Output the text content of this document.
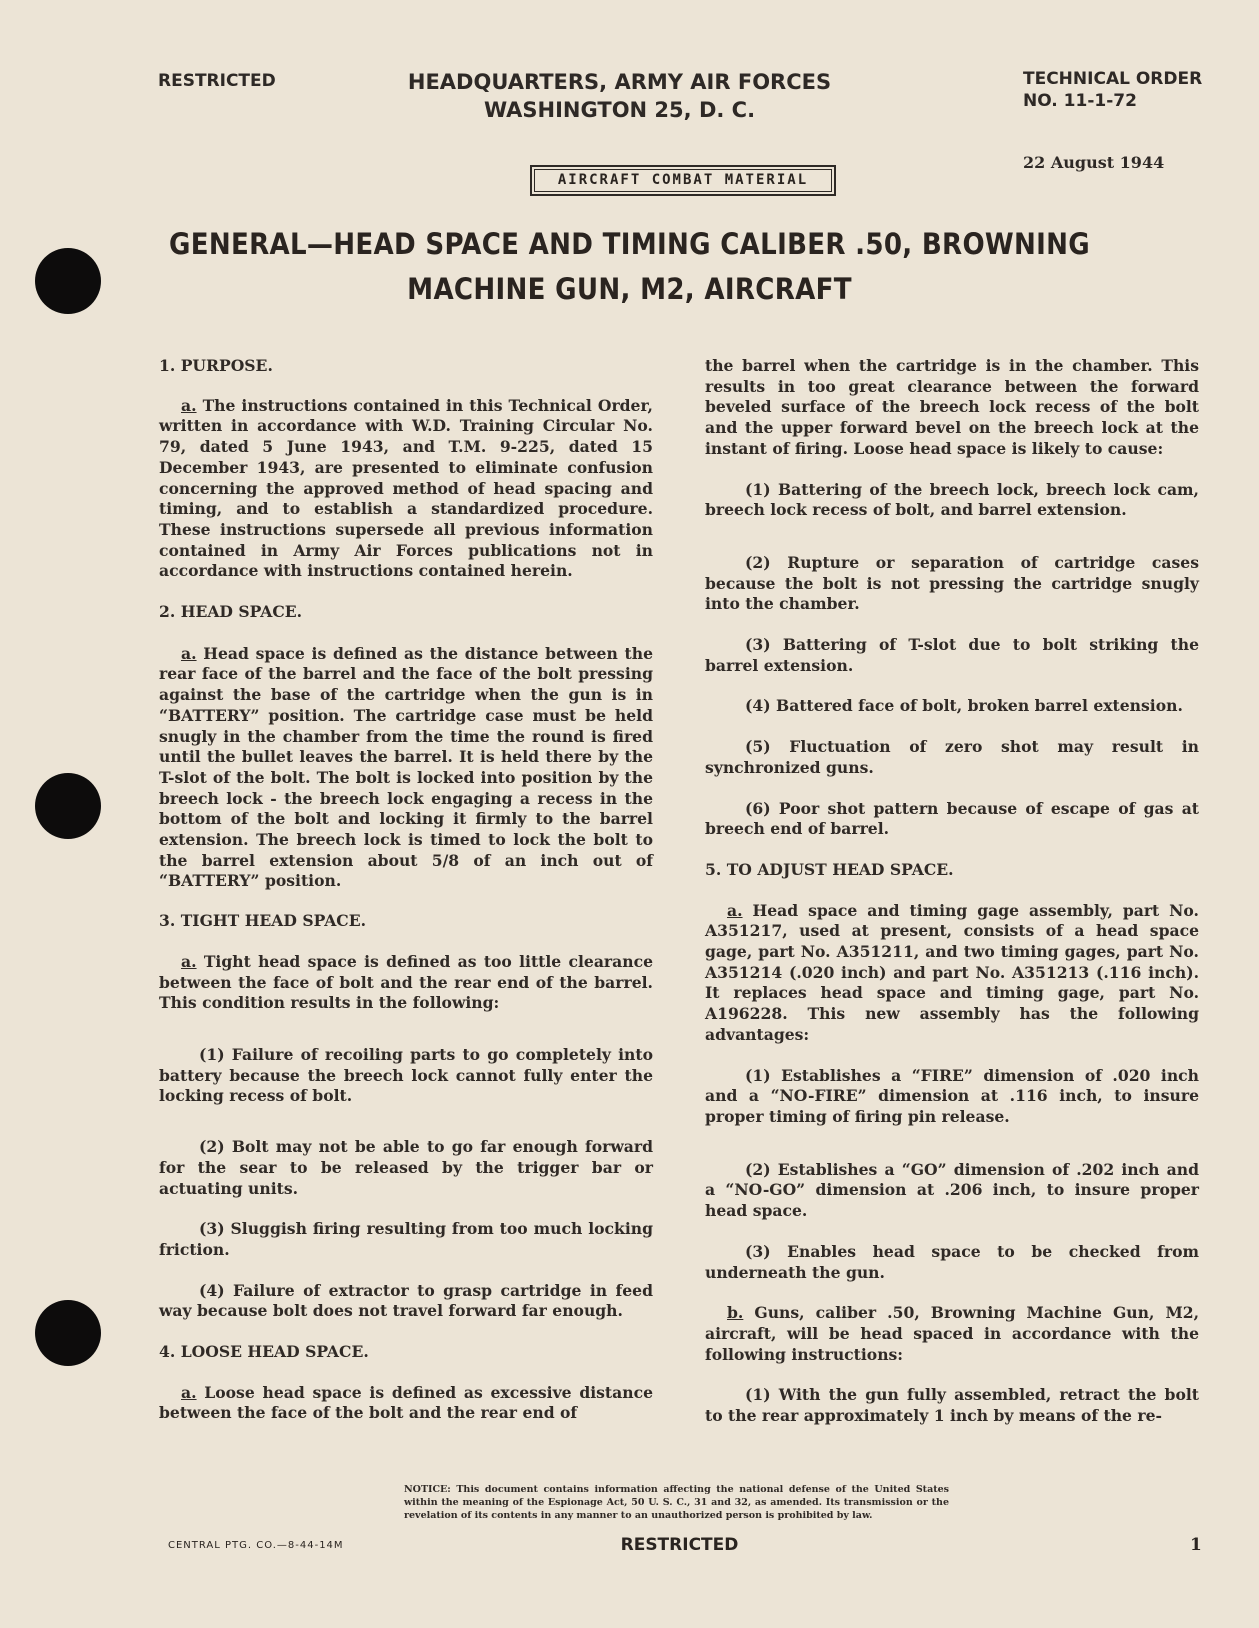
RESTRICTED	HEADQUARTERS, ARMY AIR FORCES
WASHINGTON 25, D. C.
TECHNICAL ORDER
NO. 11-1-72
22 August 1944
AIRCRAFT COMBAT MATERIAL
GENERAL—HEAD SPACE AND TIMING CALIBER .50, BROWNING
MACHINE GUN, M2, AIRCRAFT

1. PURPOSE.

a. The instructions contained in this Technical Order, written in accordance with W.D. Training Circular No. 79, dated 5 June 1943, and T.M. 9-225, dated 15 December 1943, are presented to eliminate confusion concerning the approved method of head spacing and timing, and to establish a standardized procedure. These instructions supersede all previous information contained in Army Air Forces publications not in accordance with instructions contained herein.

2. HEAD SPACE.

a. Head space is defined as the distance between the rear face of the barrel and the face of the bolt pressing against the base of the cartridge when the gun is in “BATTERY” position. The cartridge case must be held snugly in the chamber from the time the round is fired until the bullet leaves the barrel. It is held there by the T-slot of the bolt. The bolt is locked into position by the breech lock - the breech lock engaging a recess in the bottom of the bolt and locking it firmly to the barrel extension. The breech lock is timed to lock the bolt to the barrel extension about 5/8 of an inch out of “BATTERY” position.

3. TIGHT HEAD SPACE.

a. Tight head space is defined as too little clearance between the face of bolt and the rear end of the barrel. This condition results in the following:

(1) Failure of recoiling parts to go completely into battery because the breech lock cannot fully enter the locking recess of bolt.

(2) Bolt may not be able to go far enough forward for the sear to be released by the trigger bar or actuating units.

(3) Sluggish firing resulting from too much locking friction.

(4) Failure of extractor to grasp cartridge in feed way because bolt does not travel forward far enough.

4. LOOSE HEAD SPACE.

a. Loose head space is defined as excessive distance between the face of the bolt and the rear end of

the barrel when the cartridge is in the chamber. This results in too great clearance between the forward beveled surface of the breech lock recess of the bolt and the upper forward bevel on the breech lock at the instant of firing. Loose head space is likely to cause:

(1) Battering of the breech lock, breech lock cam, breech lock recess of bolt, and barrel extension.

(2) Rupture or separation of cartridge cases because the bolt is not pressing the cartridge snugly into the chamber.

(3) Battering of T-slot due to bolt striking the barrel extension.

(4) Battered face of bolt, broken barrel extension.

(5) Fluctuation of zero shot may result in synchronized guns.

(6) Poor shot pattern because of escape of gas at breech end of barrel.

5. TO ADJUST HEAD SPACE.

a. Head space and timing gage assembly, part No. A351217, used at present, consists of a head space gage, part No. A351211, and two timing gages, part No. A351214 (.020 inch) and part No. A351213 (.116 inch). It replaces head space and timing gage, part No. A196228. This new assembly has the following advantages:

(1) Establishes a “FIRE” dimension of .020 inch and a “NO-FIRE” dimension at .116 inch, to insure proper timing of firing pin release.

(2) Establishes a “GO” dimension of .202 inch and a “NO-GO” dimension at .206 inch, to insure proper head space.

(3) Enables head space to be checked from underneath the gun.

b. Guns, caliber .50, Browning Machine Gun, M2, aircraft, will be head spaced in accordance with the following instructions:

(1) With the gun fully assembled, retract the bolt to the rear approximately 1 inch by means of the re-

NOTICE: This document contains information affecting the national defense of the United States within the meaning of the Espionage Act, 50 U. S. C., 31 and 32, as amended. Its transmission or the revelation of its contents in any manner to an unauthorized person is prohibited by law.
CENTRAL PTG. CO.—8-44-14M	RESTRICTED	1
